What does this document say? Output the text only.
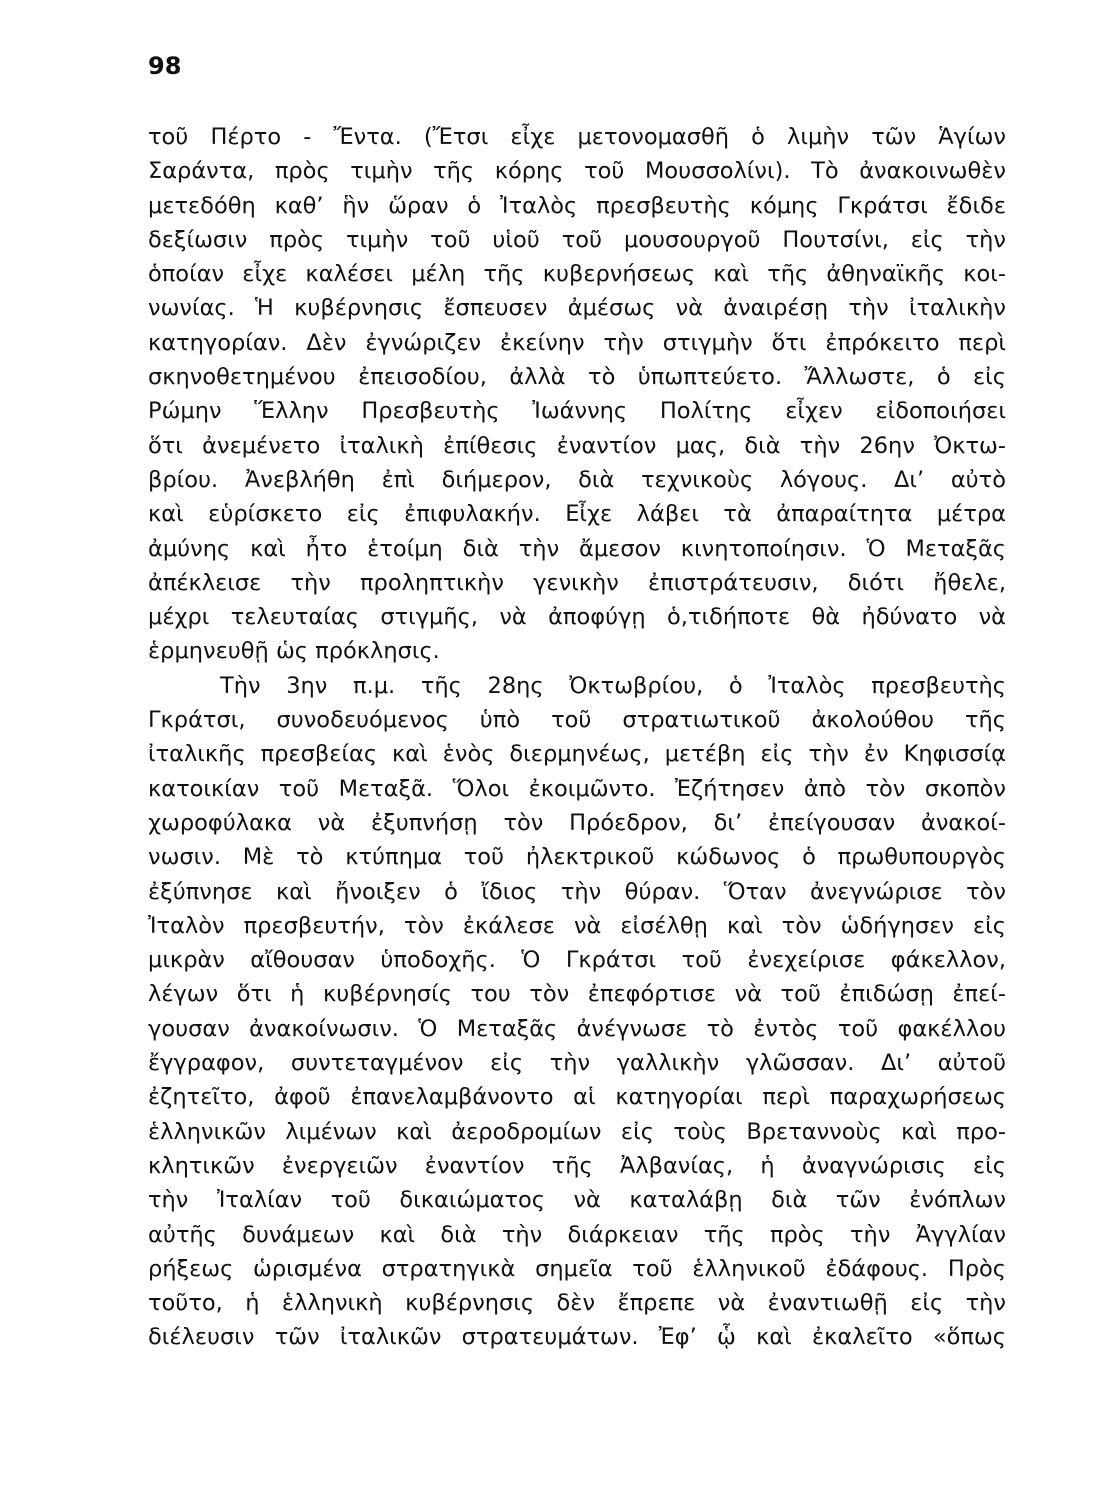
98
τοῦ Πέρτο - Ἔντα. (Ἔτσι εἶχε μετονομασθῆ ὁ λιμὴν τῶν Ἁγίων
Σαράντα, πρὸς τιμὴν τῆς κόρης τοῦ Μουσσολίνι). Τὸ ἀνακοινωθὲν
μετεδόθη καθ’ ἣν ὥραν ὁ Ἰταλὸς πρεσβευτὴς κόμης Γκράτσι ἔδιδε
δεξίωσιν πρὸς τιμὴν τοῦ υἱοῦ τοῦ μουσουργοῦ Πουτσίνι, εἰς τὴν
ὁποίαν εἶχε καλέσει μέλη τῆς κυβερνήσεως καὶ τῆς ἀθηναϊκῆς κοι-
νωνίας. Ἡ κυβέρνησις ἔσπευσεν ἀμέσως νὰ ἀναιρέσῃ τὴν ἰταλικὴν
κατηγορίαν. Δὲν ἐγνώριζεν ἐκείνην τὴν στιγμὴν ὅτι ἐπρόκειτο περὶ
σκηνοθετημένου ἐπεισοδίου, ἀλλὰ τὸ ὑπωπτεύετο. Ἄλλωστε, ὁ εἰς
Ρώμην Ἕλλην Πρεσβευτὴς Ἰωάννης Πολίτης εἶχεν εἰδοποιήσει
ὅτι ἀνεμένετο ἰταλικὴ ἐπίθεσις ἐναντίον μας, διὰ τὴν 26ην Ὀκτω-
βρίου. Ἀνεβλήθη ἐπὶ διήμερον, διὰ τεχνικοὺς λόγους. Δι’ αὐτὸ
καὶ εὑρίσκετο εἰς ἐπιφυλακήν. Εἶχε λάβει τὰ ἀπαραίτητα μέτρα
ἀμύνης καὶ ἦτο ἑτοίμη διὰ τὴν ἄμεσον κινητοποίησιν. Ὁ Μεταξᾶς
ἀπέκλεισε τὴν προληπτικὴν γενικὴν ἐπιστράτευσιν, διότι ἤθελε,
μέχρι τελευταίας στιγμῆς, νὰ ἀποφύγῃ ὁ,τιδήποτε θὰ ἠδύνατο νὰ
ἑρμηνευθῇ ὡς πρόκλησις.
Τὴν 3ην π.μ. τῆς 28ης Ὀκτωβρίου, ὁ Ἰταλὸς πρεσβευτὴς
Γκράτσι, συνοδευόμενος ὑπὸ τοῦ στρατιωτικοῦ ἀκολούθου τῆς
ἰταλικῆς πρεσβείας καὶ ἑνὸς διερμηνέως, μετέβη εἰς τὴν ἐν Κηφισσίᾳ
κατοικίαν τοῦ Μεταξᾶ. Ὅλοι ἐκοιμῶντο. Ἐζήτησεν ἀπὸ τὸν σκοπὸν
χωροφύλακα νὰ ἐξυπνήσῃ τὸν Πρόεδρον, δι’ ἐπείγουσαν ἀνακοί-
νωσιν. Μὲ τὸ κτύπημα τοῦ ἠλεκτρικοῦ κώδωνος ὁ πρωθυπουργὸς
ἐξύπνησε καὶ ἤνοιξεν ὁ ἴδιος τὴν θύραν. Ὅταν ἀνεγνώρισε τὸν
Ἰταλὸν πρεσβευτήν, τὸν ἐκάλεσε νὰ εἰσέλθῃ καὶ τὸν ὡδήγησεν εἰς
μικρὰν αἴθουσαν ὑποδοχῆς. Ὁ Γκράτσι τοῦ ἐνεχείρισε φάκελλον,
λέγων ὅτι ἡ κυβέρνησίς του τὸν ἐπεφόρτισε νὰ τοῦ ἐπιδώσῃ ἐπεί-
γουσαν ἀνακοίνωσιν. Ὁ Μεταξᾶς ἀνέγνωσε τὸ ἐντὸς τοῦ φακέλλου
ἔγγραφον, συντεταγμένον εἰς τὴν γαλλικὴν γλῶσσαν. Δι’ αὐτοῦ
ἐζητεῖτο, ἀφοῦ ἐπανελαμβάνοντο αἱ κατηγορίαι περὶ παραχωρήσεως
ἑλληνικῶν λιμένων καὶ ἀεροδρομίων εἰς τοὺς Βρεταννοὺς καὶ προ-
κλητικῶν ἐνεργειῶν ἐναντίον τῆς Ἀλβανίας, ἡ ἀναγνώρισις εἰς
τὴν Ἰταλίαν τοῦ δικαιώματος νὰ καταλάβῃ διὰ τῶν ἐνόπλων
αὐτῆς δυνάμεων καὶ διὰ τὴν διάρκειαν τῆς πρὸς τὴν Ἀγγλίαν
ρήξεως ὡρισμένα στρατηγικὰ σημεῖα τοῦ ἑλληνικοῦ ἐδάφους. Πρὸς
τοῦτο, ἡ ἑλληνικὴ κυβέρνησις δὲν ἔπρεπε νὰ ἐναντιωθῇ εἰς τὴν
διέλευσιν τῶν ἰταλικῶν στρατευμάτων. Ἐφ’ ᾧ καὶ ἐκαλεῖτο «ὅπως
